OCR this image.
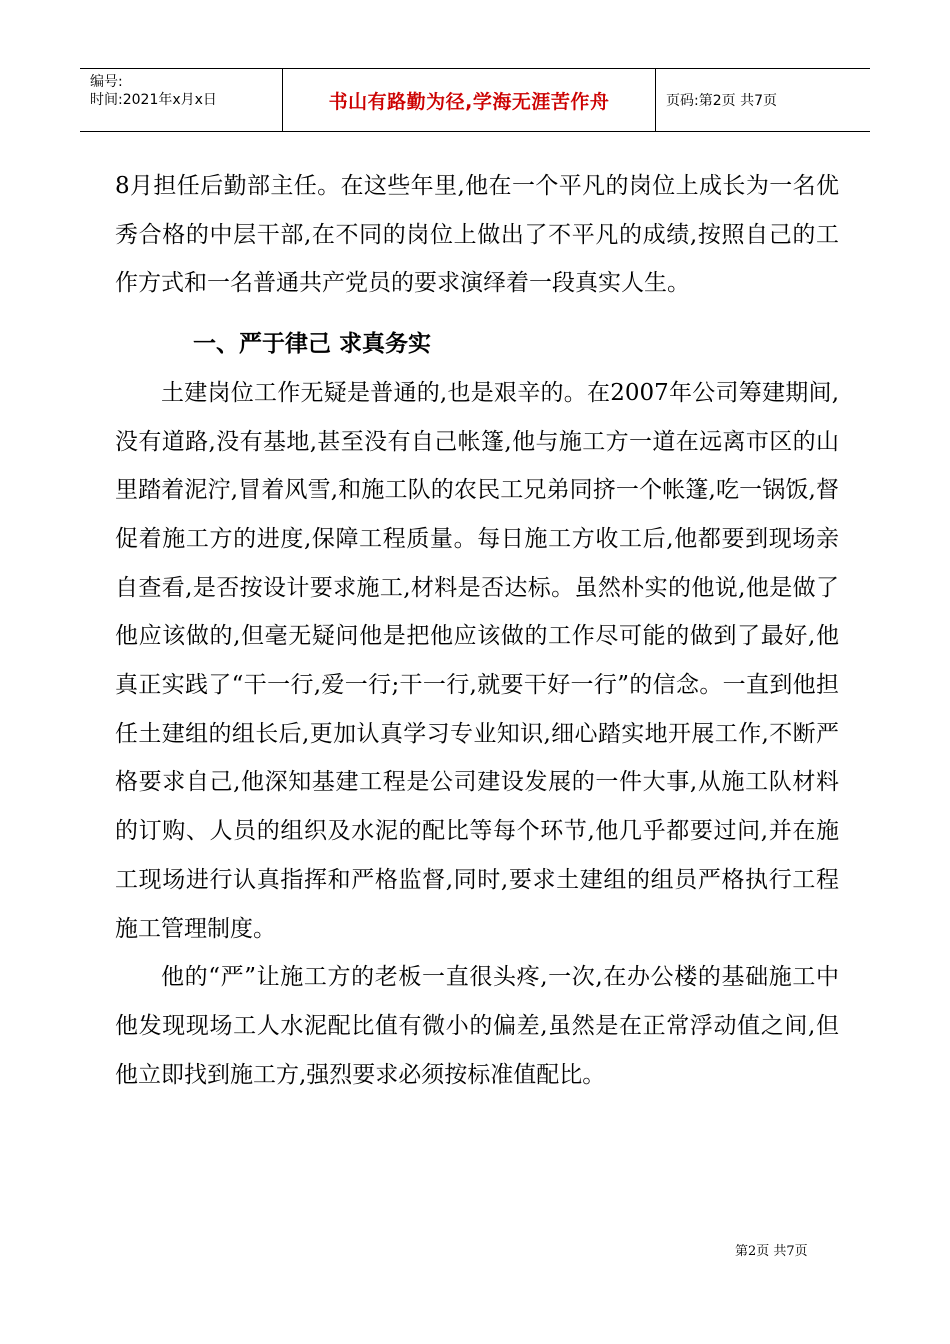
编号:
时间:2021年x月x日	书山有路勤为径,学海无涯苦作舟	页码:第2页 共7页

8月担任后勤部主任。在这些年里,他在一个平凡的岗位上成长为一名优秀合格的中层干部,在不同的岗位上做出了不平凡的成绩,按照自己的工作方式和一名普通共产党员的要求演绎着一段真实人生。

一、严于律己 求真务实

土建岗位工作无疑是普通的,也是艰辛的。在2007年公司筹建期间,没有道路,没有基地,甚至没有自己帐篷,他与施工方一道在远离市区的山里踏着泥泞,冒着风雪,和施工队的农民工兄弟同挤一个帐篷,吃一锅饭,督促着施工方的进度,保障工程质量。每日施工方收工后,他都要到现场亲自查看,是否按设计要求施工,材料是否达标。虽然朴实的他说,他是做了他应该做的,但毫无疑问他是把他应该做的工作尽可能的做到了最好,他真正实践了“干一行,爱一行;干一行,就要干好一行”的信念。一直到他担任土建组的组长后,更加认真学习专业知识,细心踏实地开展工作,不断严格要求自己,他深知基建工程是公司建设发展的一件大事,从施工队材料的订购、人员的组织及水泥的配比等每个环节,他几乎都要过问,并在施工现场进行认真指挥和严格监督,同时,要求土建组的组员严格执行工程施工管理制度。

他的“严”让施工方的老板一直很头疼,一次,在办公楼的基础施工中他发现现场工人水泥配比值有微小的偏差,虽然是在正常浮动值之间,但他立即找到施工方,强烈要求必须按标准值配比。

第2页 共7页
